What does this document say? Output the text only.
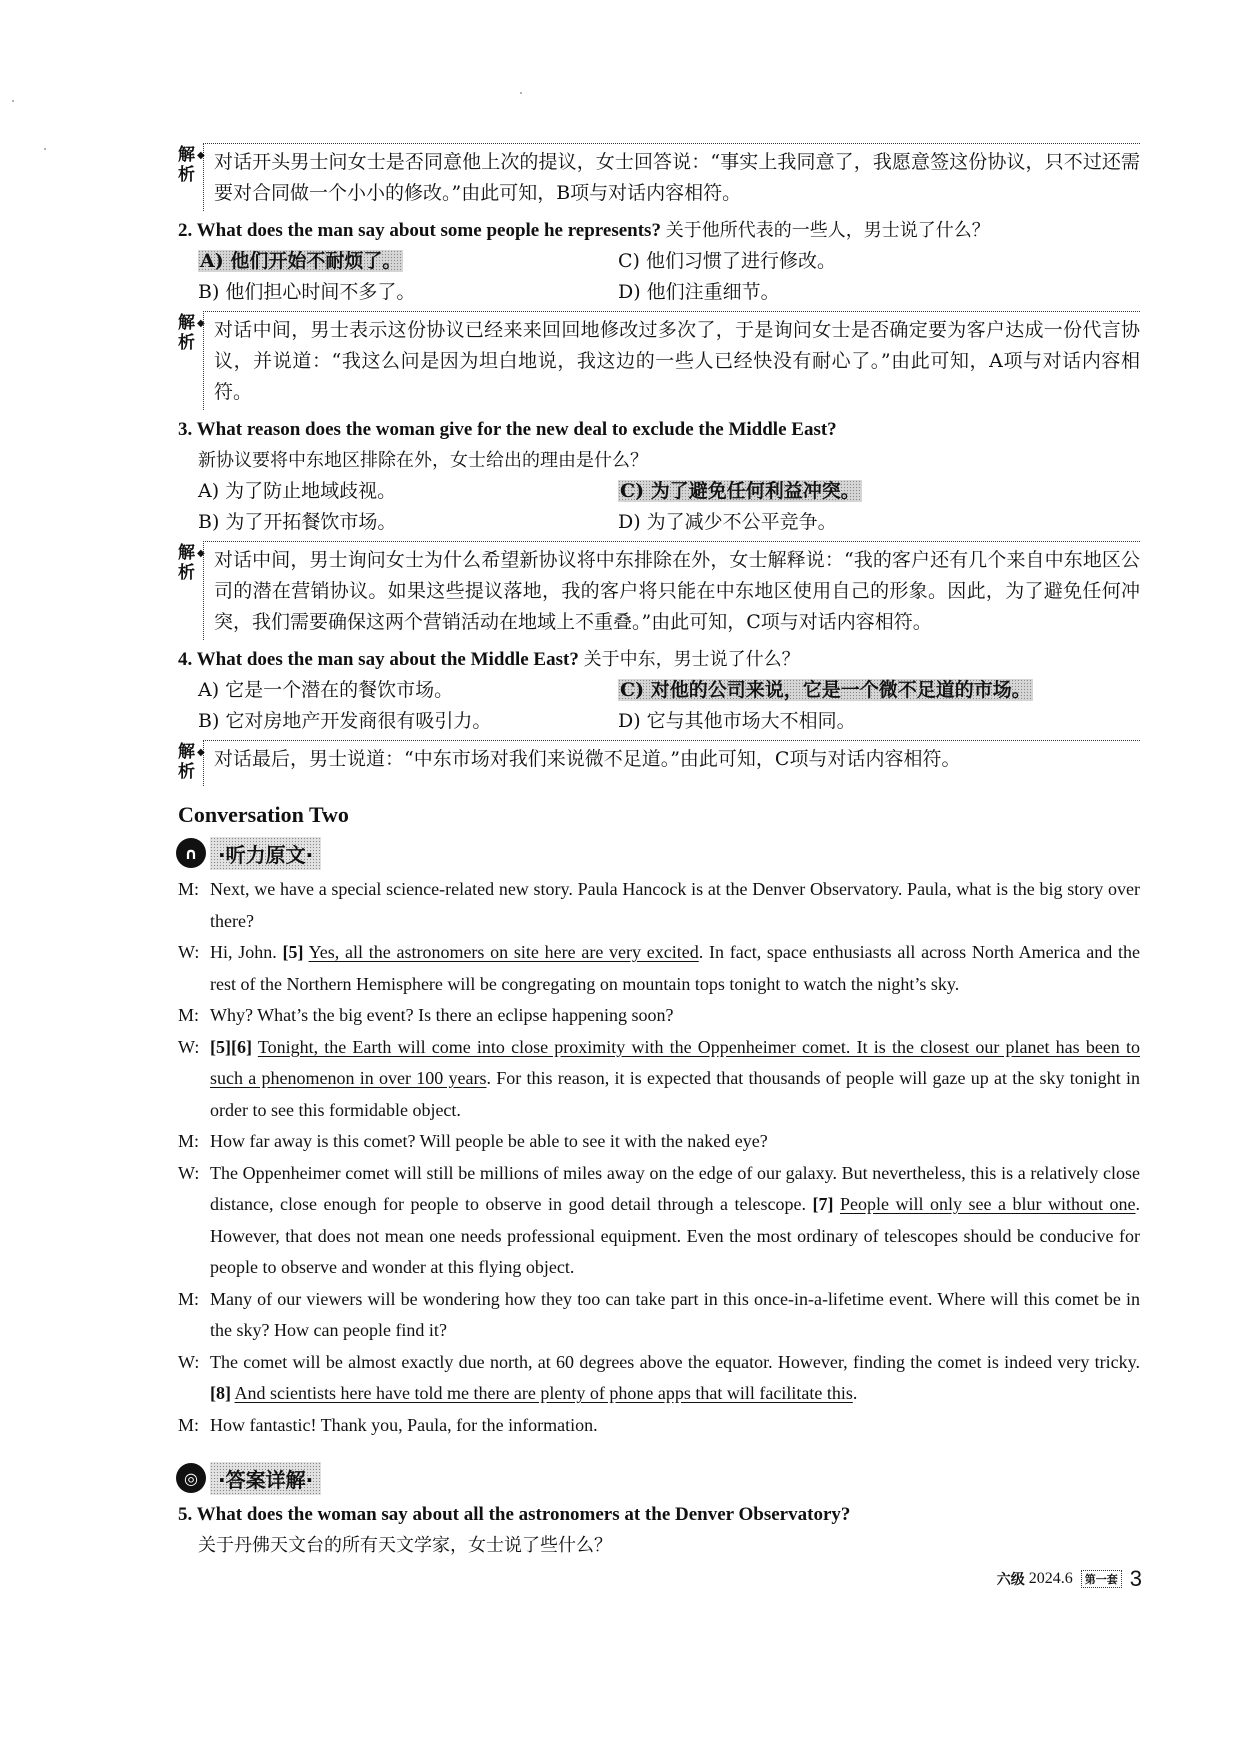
解
析
◆ 对话开头男士问女士是否同意他上次的提议，女士回答说：“事实上我同意了，我愿意签这份协议，只不过还需要对合同做一个小小的修改。”由此可知，B项与对话内容相符。

2. What does the man say about some people he represents? 关于他所代表的一些人，男士说了什么？

A) 他们开始不耐烦了。	C) 他们习惯了进行修改。
B) 他们担心时间不多了。	D) 他们注重细节。
解
析
◆ 对话中间，男士表示这份协议已经来来回回地修改过多次了，于是询问女士是否确定要为客户达成一份代言协议，并说道：“我这么问是因为坦白地说，我这边的一些人已经快没有耐心了。”由此可知，A项与对话内容相符。

3. What reason does the woman give for the new deal to exclude the Middle East?

新协议要将中东地区排除在外，女士给出的理由是什么？
A) 为了防止地域歧视。	C) 为了避免任何利益冲突。
B) 为了开拓餐饮市场。	D) 为了减少不公平竞争。
解
析
◆ 对话中间，男士询问女士为什么希望新协议将中东排除在外，女士解释说：“我的客户还有几个来自中东地区公司的潜在营销协议。如果这些提议落地，我的客户将只能在中东地区使用自己的形象。因此，为了避免任何冲突，我们需要确保这两个营销活动在地域上不重叠。”由此可知，C项与对话内容相符。

4. What does the man say about the Middle East? 关于中东，男士说了什么？

A) 它是一个潜在的餐饮市场。	C) 对他的公司来说，它是一个微不足道的市场。
B) 它对房地产开发商很有吸引力。	D) 它与其他市场大不相同。
解
析
◆ 对话最后，男士说道：“中东市场对我们来说微不足道。”由此可知，C项与对话内容相符。
Conversation Two
∩	·听力原文·
M: Next, we have a special science-related new story. Paula Hancock is at the Denver Observatory. Paula, what is the big story over there?
W: Hi, John. [5] Yes, all the astronomers on site here are very excited. In fact, space enthusiasts all across North America and the rest of the Northern Hemisphere will be congregating on mountain tops tonight to watch the night’s sky.
M: Why? What’s the big event? Is there an eclipse happening soon?
W: [5][6] Tonight, the Earth will come into close proximity with the Oppenheimer comet. It is the closest our planet has been to such a phenomenon in over 100 years. For this reason, it is expected that thousands of people will gaze up at the sky tonight in order to see this formidable object.
M: How far away is this comet? Will people be able to see it with the naked eye?
W: The Oppenheimer comet will still be millions of miles away on the edge of our galaxy. But nevertheless, this is a relatively close distance, close enough for people to observe in good detail through a telescope. [7] People will only see a blur without one. However, that does not mean one needs professional equipment. Even the most ordinary of telescopes should be conducive for people to observe and wonder at this flying object.
M: Many of our viewers will be wondering how they too can take part in this once-in-a-lifetime event. Where will this comet be in the sky? How can people find it?
W: The comet will be almost exactly due north, at 60 degrees above the equator. However, finding the comet is indeed very tricky. [8] And scientists here have told me there are plenty of phone apps that will facilitate this.
M: How fantastic! Thank you, Paula, for the information.
◎	·答案详解·

5. What does the woman say about all the astronomers at the Denver Observatory?

关于丹佛天文台的所有天文学家，女士说了些什么？
六级 2024.6	第一套 3
